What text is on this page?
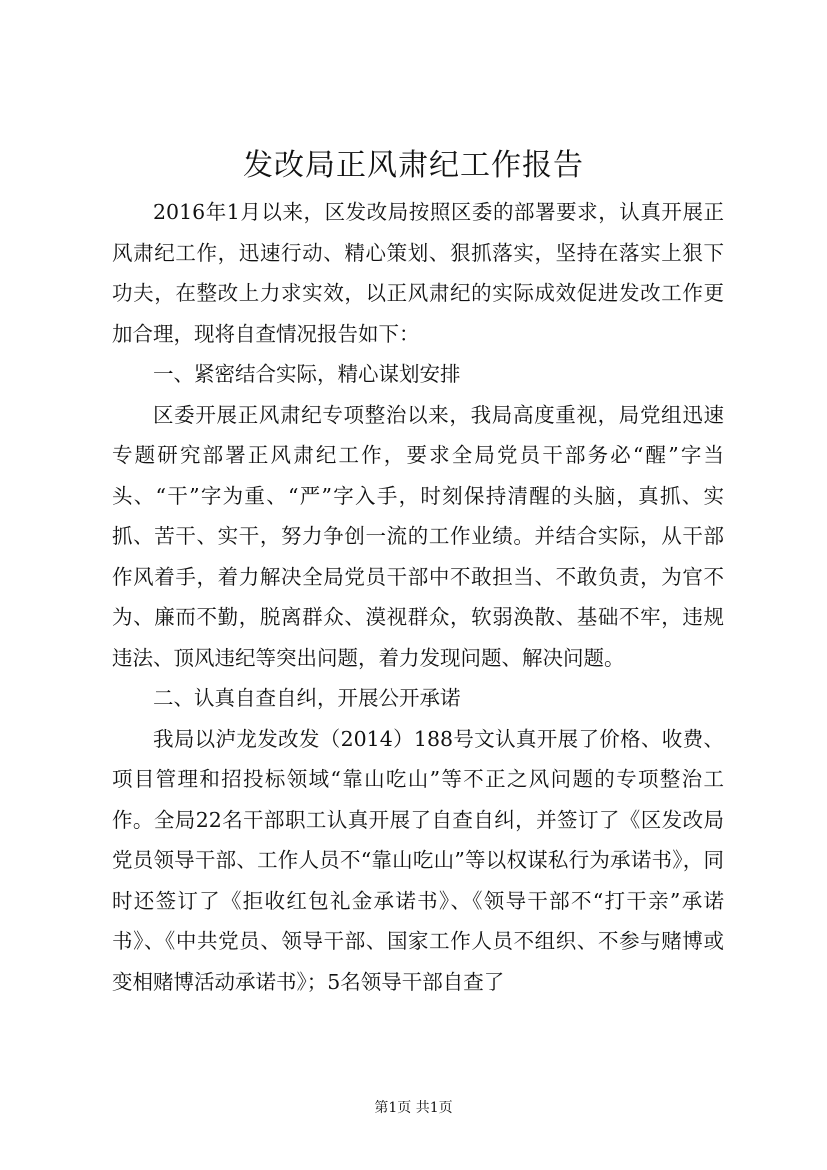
发改局正风肃纪工作报告

2016年1月以来，区发改局按照区委的部署要求，认真开展正风肃纪工作，迅速行动、精心策划、狠抓落实，坚持在落实上狠下功夫，在整改上力求实效，以正风肃纪的实际成效促进发改工作更加合理，现将自查情况报告如下：

一、紧密结合实际，精心谋划安排

区委开展正风肃纪专项整治以来，我局高度重视，局党组迅速专题研究部署正风肃纪工作，要求全局党员干部务必“醒”字当头、“干”字为重、“严”字入手，时刻保持清醒的头脑，真抓、实抓、苦干、实干，努力争创一流的工作业绩。并结合实际，从干部作风着手，着力解决全局党员干部中不敢担当、不敢负责，为官不为、廉而不勤，脱离群众、漠视群众，软弱涣散、基础不牢，违规违法、顶风违纪等突出问题，着力发现问题、解决问题。

二、认真自查自纠，开展公开承诺

我局以泸龙发改发（2014）188号文认真开展了价格、收费、项目管理和招投标领域“靠山吃山”等不正之风问题的专项整治工作。全局22名干部职工认真开展了自查自纠，并签订了《区发改局党员领导干部、工作人员不“靠山吃山”等以权谋私行为承诺书》，同时还签订了《拒收红包礼金承诺书》、《领导干部不“打干亲”承诺书》、《中共党员、领导干部、国家工作人员不组织、不参与赌博或变相赌博活动承诺书》；5名领导干部自查了

第1页 共1页
